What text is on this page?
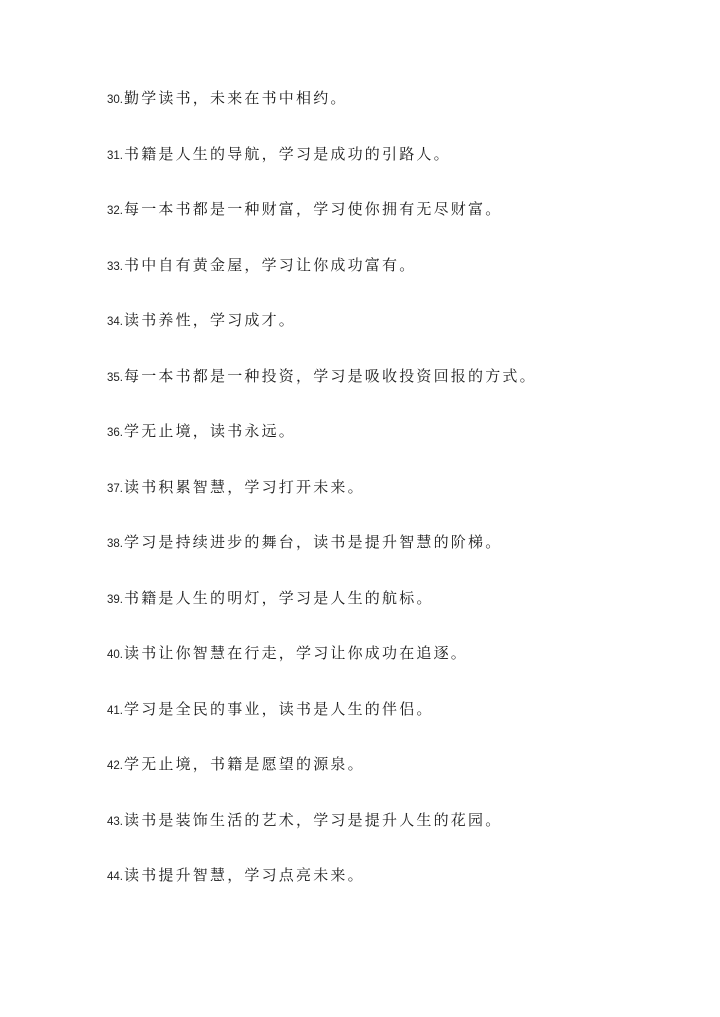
30. 勤学读书，未来在书中相约。
31. 书籍是人生的导航，学习是成功的引路人。
32. 每一本书都是一种财富，学习使你拥有无尽财富。
33. 书中自有黄金屋，学习让你成功富有。
34. 读书养性，学习成才。
35. 每一本书都是一种投资，学习是吸收投资回报的方式。
36. 学无止境，读书永远。
37. 读书积累智慧，学习打开未来。
38. 学习是持续进步的舞台，读书是提升智慧的阶梯。
39. 书籍是人生的明灯，学习是人生的航标。
40. 读书让你智慧在行走，学习让你成功在追逐。
41. 学习是全民的事业，读书是人生的伴侣。
42. 学无止境，书籍是愿望的源泉。
43. 读书是装饰生活的艺术，学习是提升人生的花园。
44. 读书提升智慧，学习点亮未来。
